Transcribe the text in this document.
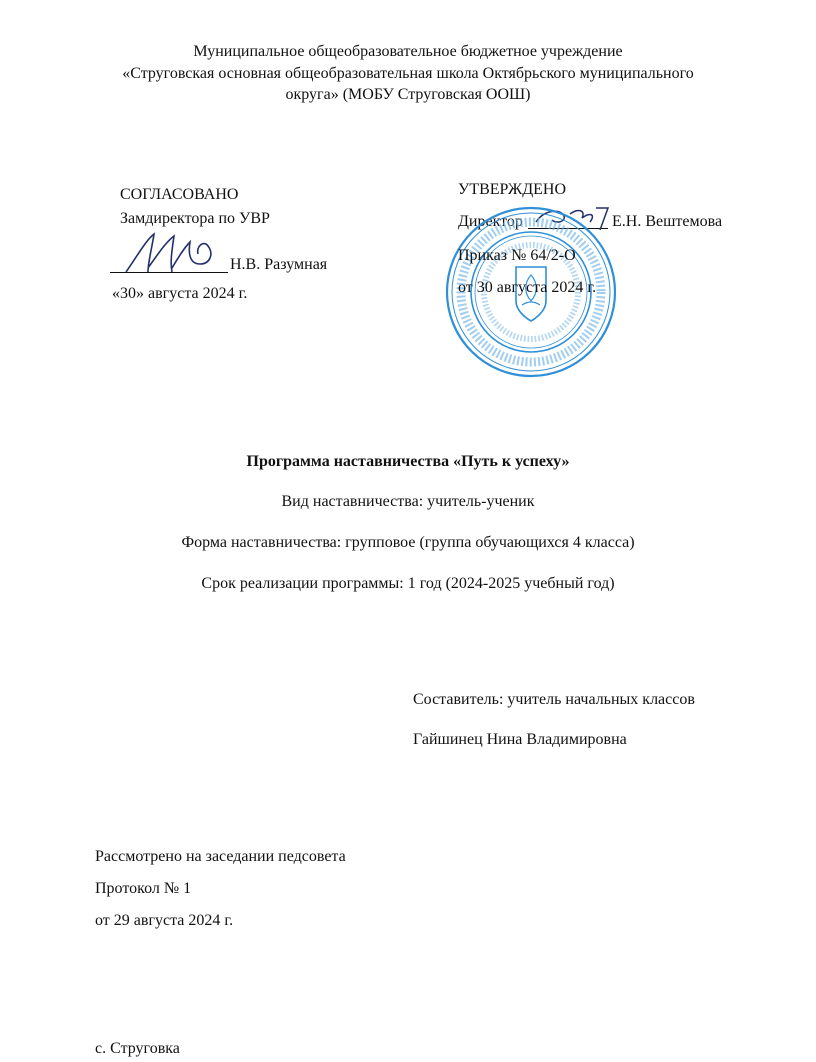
Муниципальное общеобразовательное бюджетное учреждение
«Струговская основная общеобразовательная школа Октябрьского муниципального
округа» (МОБУ Струговская ООШ)
СОГЛАСОВАНО
Замдиректора по УВР
Н.В. Разумная
«30» августа 2024 г.
УТВЕРЖДЕНО
Директор	Е.Н. Вештемова
Приказ № 64/2-О
от 30 августа 2024 г.
Программа наставничества «Путь к успеху»
Вид наставничества: учитель-ученик
Форма наставничества: групповое (группа обучающихся 4 класса)
Срок реализации программы: 1 год (2024-2025 учебный год)
Составитель: учитель начальных классов
Гайшинец Нина Владимировна
Рассмотрено на заседании педсовета
Протокол № 1
от 29 августа 2024 г.
с. Струговка
